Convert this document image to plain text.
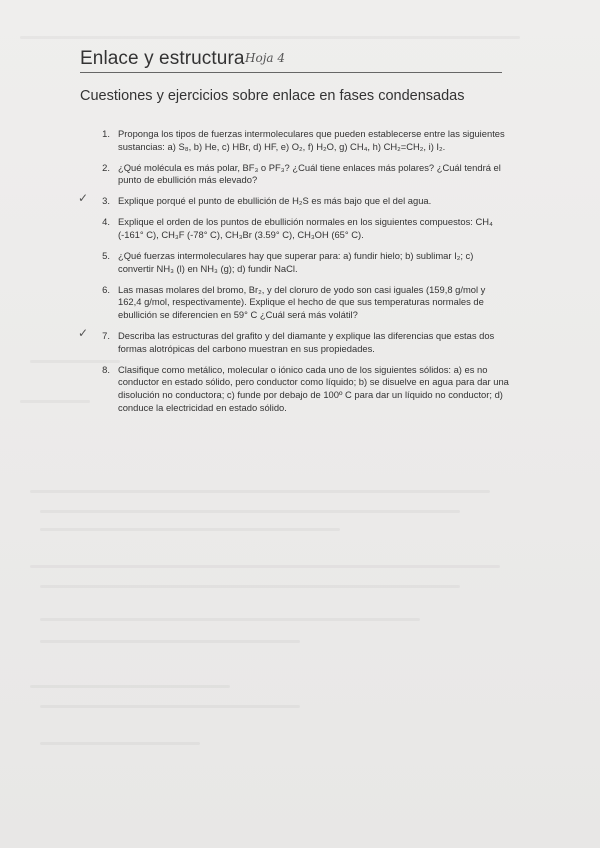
Enlace y estructura Hoja 4
Cuestiones y ejercicios sobre enlace en fases condensadas
1. Proponga los tipos de fuerzas intermoleculares que pueden establecerse entre las siguientes sustancias: a) S₈, b) He, c) HBr, d) HF, e) O₂, f) H₂O, g) CH₄, h) CH₂=CH₂, i) I₂.
2. ¿Qué molécula es más polar, BF₃ o PF₃? ¿Cuál tiene enlaces más polares? ¿Cuál tendrá el punto de ebullición más elevado?
✓	3. Explique porqué el punto de ebullición de H₂S es más bajo que el del agua.
4. Explique el orden de los puntos de ebullición normales en los siguientes compuestos: CH₄ (-161° C), CH₃F (-78° C), CH₃Br (3.59° C), CH₃OH (65° C).
5. ¿Qué fuerzas intermoleculares hay que superar para: a) fundir hielo; b) sublimar I₂; c) convertir NH₃ (l) en NH₃ (g); d) fundir NaCl.
6. Las masas molares del bromo, Br₂, y del cloruro de yodo son casi iguales (159,8 g/mol y 162,4 g/mol, respectivamente). Explique el hecho de que sus temperaturas normales de ebullición se diferencien en 59° C ¿Cuál será más volátil?
✓	7. Describa las estructuras del grafito y del diamante y explique las diferencias que estas dos formas alotrópicas del carbono muestran en sus propiedades.
8. Clasifique como metálico, molecular o iónico cada uno de los siguientes sólidos: a) es no conductor en estado sólido, pero conductor como líquido; b) se disuelve en agua para dar una disolución no conductora; c) funde por debajo de 100º C para dar un líquido no conductor; d) conduce la electricidad en estado sólido.
